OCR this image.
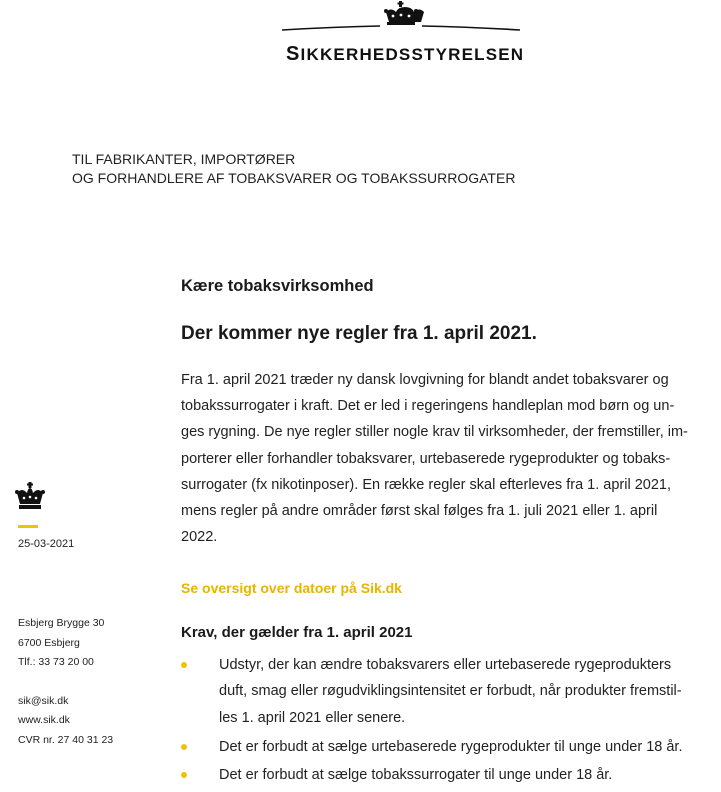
SIKKERHEDSSTYRELSEN
TIL FABRIKANTER, IMPORTØRER
OG FORHANDLERE AF TOBAKSVARER OG TOBAKSSURROGATER
Kære tobaksvirksomhed
Der kommer nye regler fra 1. april 2021.
Fra 1. april 2021 træder ny dansk lovgivning for blandt andet tobaksvarer og
tobakssurrogater i kraft. Det er led i regeringens handleplan mod børn og un-
ges rygning. De nye regler stiller nogle krav til virksomheder, der fremstiller, im-
porterer eller forhandler tobaksvarer, urtebaserede rygeprodukter og tobaks-
surrogater (fx nikotinposer). En række regler skal efterleves fra 1. april 2021,
mens regler på andre områder først skal følges fra 1. juli 2021 eller 1. april
2022.
Se oversigt over datoer på Sik.dk
Krav, der gælder fra 1. april 2021
Udstyr, der kan ændre tobaksvarers eller urtebaserede rygeprodukters
duft, smag eller røgudviklingsintensitet er forbudt, når produkter fremstil-
les 1. april 2021 eller senere.
Det er forbudt at sælge urtebaserede rygeprodukter til unge under 18 år.
Det er forbudt at sælge tobakssurrogater til unge under 18 år.
25-03-2021
Esbjerg Brygge 30
6700 Esbjerg
Tlf.: 33 73 20 00
sik@sik.dk
www.sik.dk
CVR nr. 27 40 31 23
